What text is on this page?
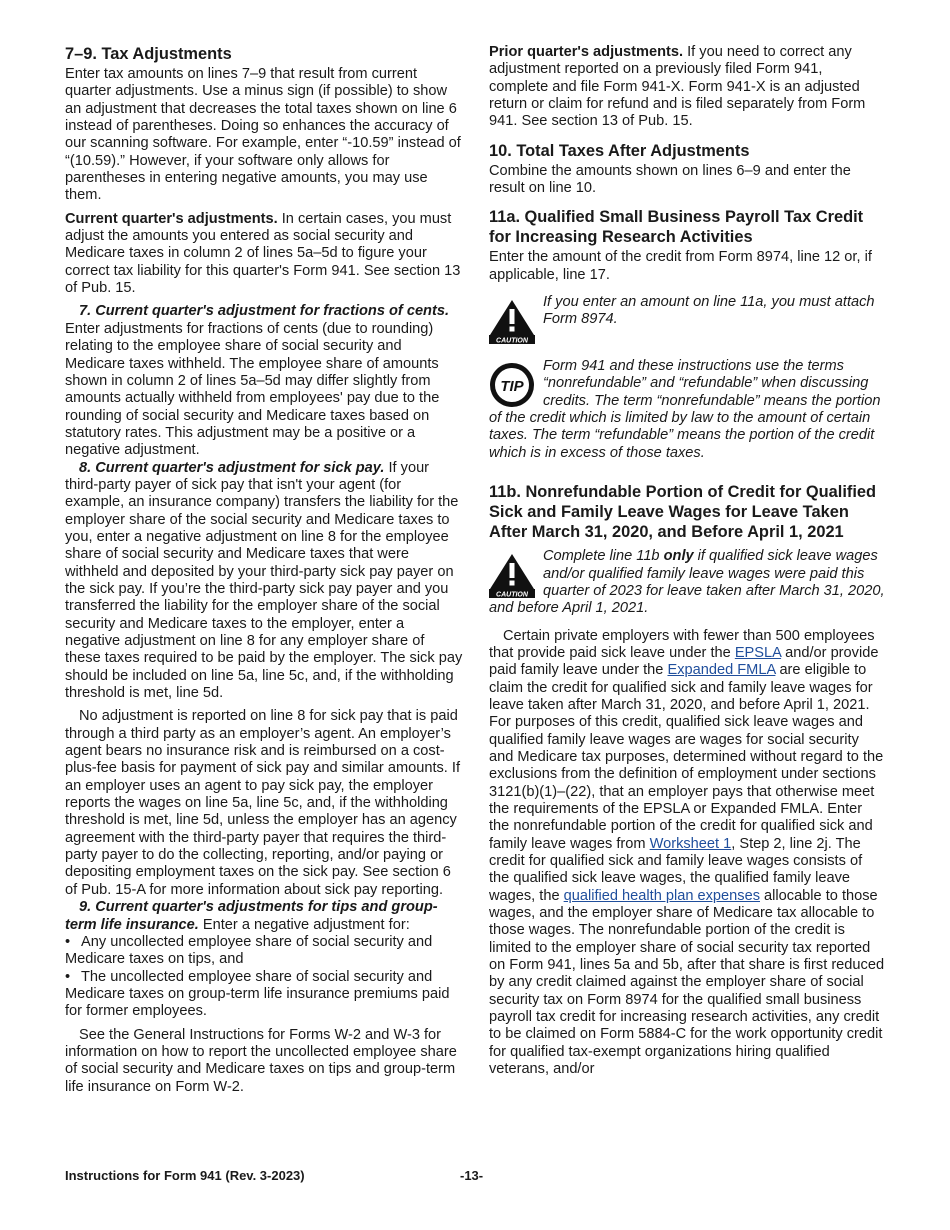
7–9. Tax Adjustments

Enter tax amounts on lines 7–9 that result from current quarter adjustments. Use a minus sign (if possible) to show an adjustment that decreases the total taxes shown on line 6 instead of parentheses. Doing so enhances the accuracy of our scanning software. For example, enter “-10.59” instead of “(10.59).” However, if your software only allows for parentheses in entering negative amounts, you may use them.

Current quarter's adjustments. In certain cases, you must adjust the amounts you entered as social security and Medicare taxes in column 2 of lines 5a–5d to figure your correct tax liability for this quarter's Form 941. See section 13 of Pub. 15.

7. Current quarter's adjustment for fractions of cents. Enter adjustments for fractions of cents (due to rounding) relating to the employee share of social security and Medicare taxes withheld. The employee share of amounts shown in column 2 of lines 5a–5d may differ slightly from amounts actually withheld from employees' pay due to the rounding of social security and Medicare taxes based on statutory rates. This adjustment may be a positive or a negative adjustment.

8. Current quarter's adjustment for sick pay. If your third-party payer of sick pay that isn't your agent (for example, an insurance company) transfers the liability for the employer share of the social security and Medicare taxes to you, enter a negative adjustment on line 8 for the employee share of social security and Medicare taxes that were withheld and deposited by your third-party sick pay payer on the sick pay. If you’re the third-party sick pay payer and you transferred the liability for the employer share of the social security and Medicare taxes to the employer, enter a negative adjustment on line 8 for any employer share of these taxes required to be paid by the employer. The sick pay should be included on line 5a, line 5c, and, if the withholding threshold is met, line 5d.

No adjustment is reported on line 8 for sick pay that is paid through a third party as an employer’s agent. An employer’s agent bears no insurance risk and is reimbursed on a cost-plus-fee basis for payment of sick pay and similar amounts. If an employer uses an agent to pay sick pay, the employer reports the wages on line 5a, line 5c, and, if the withholding threshold is met, line 5d, unless the employer has an agency agreement with the third-party payer that requires the third-party payer to do the collecting, reporting, and/or paying or depositing employment taxes on the sick pay. See section 6 of Pub. 15-A for more information about sick pay reporting.

9. Current quarter's adjustments for tips and group-term life insurance. Enter a negative adjustment for:

• Any uncollected employee share of social security and Medicare taxes on tips, and
• The uncollected employee share of social security and Medicare taxes on group-term life insurance premiums paid for former employees.

See the General Instructions for Forms W-2 and W-3 for information on how to report the uncollected employee share of social security and Medicare taxes on tips and group-term life insurance on Form W-2.

Prior quarter's adjustments. If you need to correct any adjustment reported on a previously filed Form 941, complete and file Form 941-X. Form 941-X is an adjusted return or claim for refund and is filed separately from Form 941. See section 13 of Pub. 15.

10. Total Taxes After Adjustments

Combine the amounts shown on lines 6–9 and enter the result on line 10.

11a. Qualified Small Business Payroll Tax Credit for Increasing Research Activities

Enter the amount of the credit from Form 8974, line 12 or, if applicable, line 17.

CAUTION
If you enter an amount on line 11a, you must attach Form 8974.
TIP
Form 941 and these instructions use the terms “nonrefundable” and “refundable” when discussing credits. The term “nonrefundable” means the portion of the credit which is limited by law to the amount of certain taxes. The term “refundable” means the portion of the credit which is in excess of those taxes.
11b. Nonrefundable Portion of Credit for Qualified Sick and Family Leave Wages for Leave Taken After March 31, 2020, and Before April 1, 2021
CAUTION
Complete line 11b only if qualified sick leave wages and/or qualified family leave wages were paid this quarter of 2023 for leave taken after March 31, 2020, and before April 1, 2021.

Certain private employers with fewer than 500 employees that provide paid sick leave under the EPSLA and/or provide paid family leave under the Expanded FMLA are eligible to claim the credit for qualified sick and family leave wages for leave taken after March 31, 2020, and before April 1, 2021. For purposes of this credit, qualified sick leave wages and qualified family leave wages are wages for social security and Medicare tax purposes, determined without regard to the exclusions from the definition of employment under sections 3121(b)(1)–(22), that an employer pays that otherwise meet the requirements of the EPSLA or Expanded FMLA. Enter the nonrefundable portion of the credit for qualified sick and family leave wages from Worksheet 1, Step 2, line 2j. The credit for qualified sick and family leave wages consists of the qualified sick leave wages, the qualified family leave wages, the qualified health plan expenses allocable to those wages, and the employer share of Medicare tax allocable to those wages. The nonrefundable portion of the credit is limited to the employer share of social security tax reported on Form 941, lines 5a and 5b, after that share is first reduced by any credit claimed against the employer share of social security tax on Form 8974 for the qualified small business payroll tax credit for increasing research activities, any credit to be claimed on Form 5884-C for the work opportunity credit for qualified tax-exempt organizations hiring qualified veterans, and/or

Instructions for Form 941 (Rev. 3-2023)	-13-
